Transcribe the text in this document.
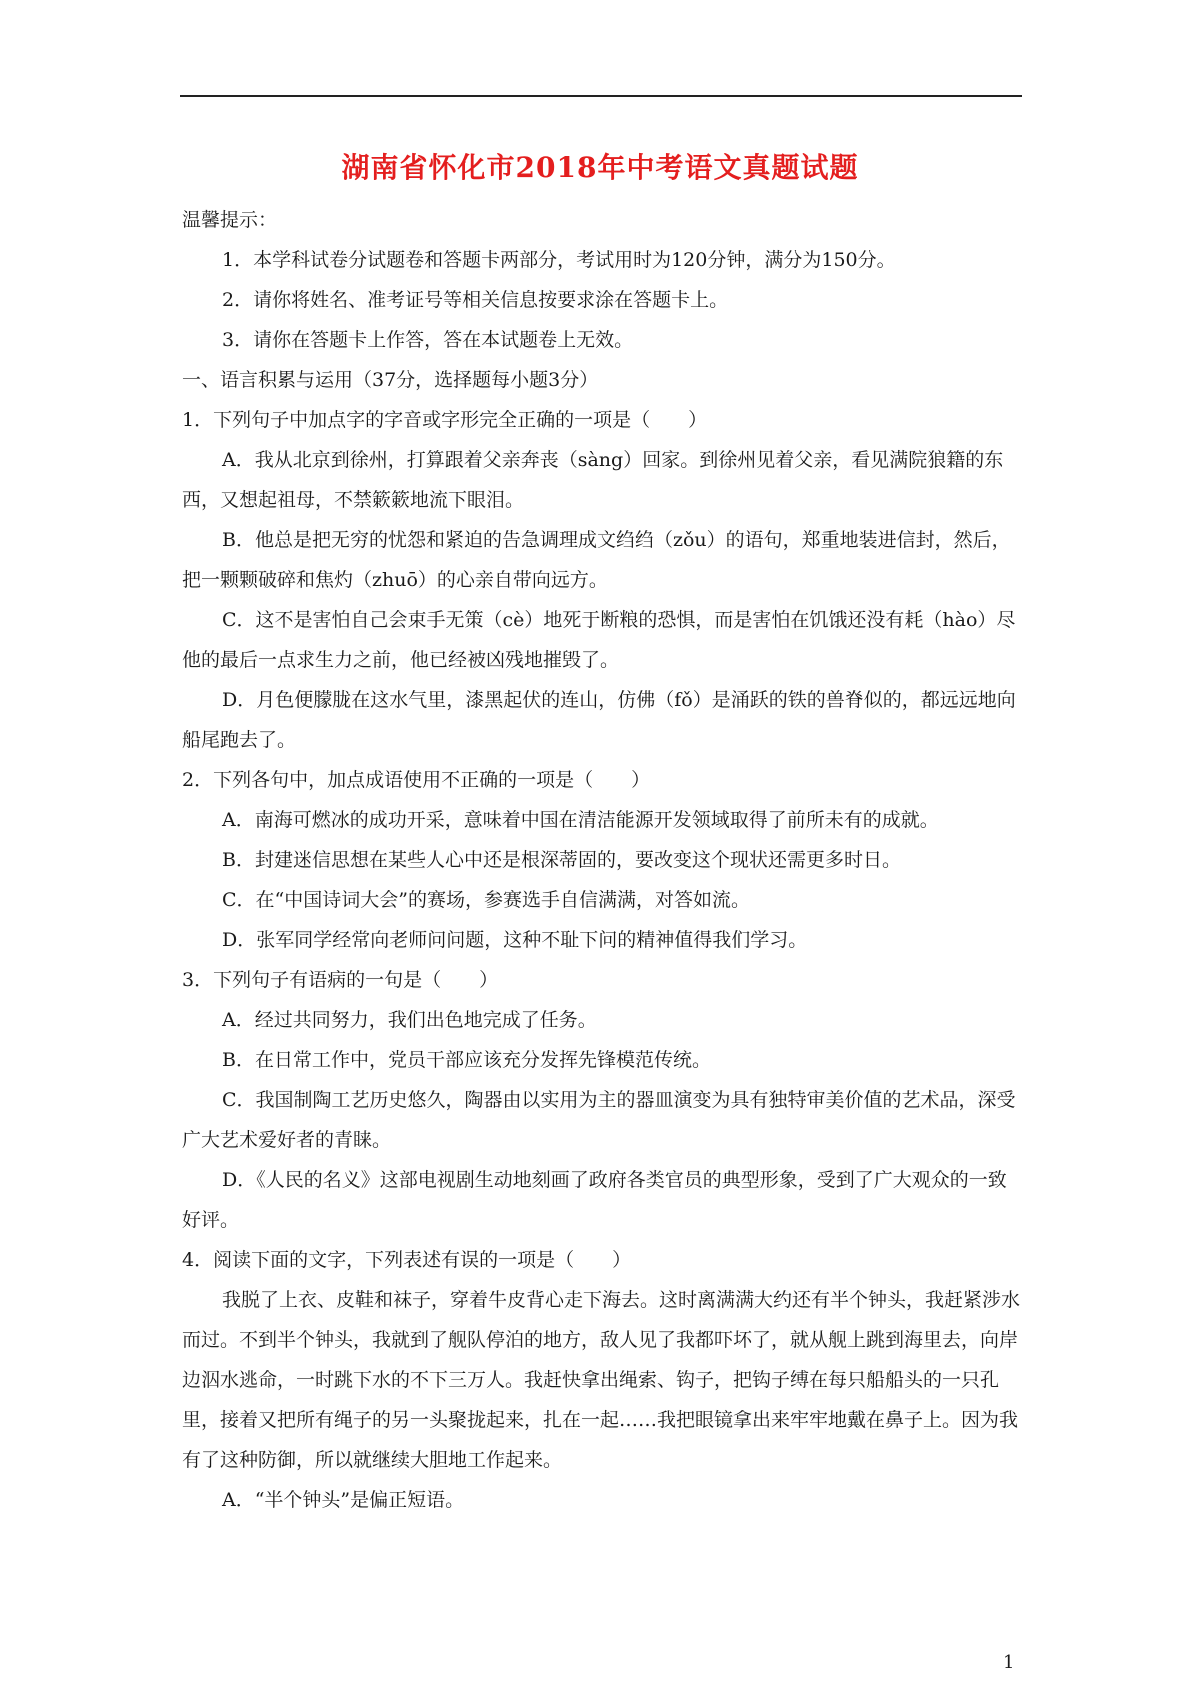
湖南省怀化市2018年中考语文真题试题

温馨提示：

1．本学科试卷分试题卷和答题卡两部分，考试用时为120分钟，满分为150分。

2．请你将姓名、准考证号等相关信息按要求涂在答题卡上。

3．请你在答题卡上作答，答在本试题卷上无效。

一、语言积累与运用（37分，选择题每小题3分）

1．下列句子中加点字的字音或字形完全正确的一项是（　　）

A．我从北京到徐州，打算跟着父亲奔丧（sàng）回家。到徐州见着父亲，看见满院狼籍的东西，又想起祖母，不禁簌簌地流下眼泪。

B．他总是把无穷的忧怨和紧迫的告急调理成文绉绉（zǒu）的语句，郑重地装进信封，然后，把一颗颗破碎和焦灼（zhuō）的心亲自带向远方。

C．这不是害怕自己会束手无策（cè）地死于断粮的恐惧，而是害怕在饥饿还没有耗（hào）尽他的最后一点求生力之前，他已经被凶残地摧毁了。

D．月色便朦胧在这水气里，漆黑起伏的连山，仿佛（fǒ）是涌跃的铁的兽脊似的，都远远地向船尾跑去了。

2．下列各句中，加点成语使用不正确的一项是（　　）

A．南海可燃冰的成功开采，意味着中国在清洁能源开发领域取得了前所未有的成就。

B．封建迷信思想在某些人心中还是根深蒂固的，要改变这个现状还需更多时日。

C．在“中国诗词大会”的赛场，参赛选手自信满满，对答如流。

D．张军同学经常向老师问问题，这种不耻下问的精神值得我们学习。

3．下列句子有语病的一句是（　　）

A．经过共同努力，我们出色地完成了任务。

B．在日常工作中，党员干部应该充分发挥先锋模范传统。

C．我国制陶工艺历史悠久，陶器由以实用为主的器皿演变为具有独特审美价值的艺术品，深受广大艺术爱好者的青睐。

D．《人民的名义》这部电视剧生动地刻画了政府各类官员的典型形象，受到了广大观众的一致好评。

4．阅读下面的文字，下列表述有误的一项是（　　）

我脱了上衣、皮鞋和袜子，穿着牛皮背心走下海去。这时离满满大约还有半个钟头，我赶紧涉水而过。不到半个钟头，我就到了舰队停泊的地方，敌人见了我都吓坏了，就从舰上跳到海里去，向岸边泅水逃命，一时跳下水的不下三万人。我赶快拿出绳索、钩子，把钩子缚在每只船船头的一只孔里，接着又把所有绳子的另一头聚拢起来，扎在一起……我把眼镜拿出来牢牢地戴在鼻子上。因为我有了这种防御，所以就继续大胆地工作起来。

A．“半个钟头”是偏正短语。

1
